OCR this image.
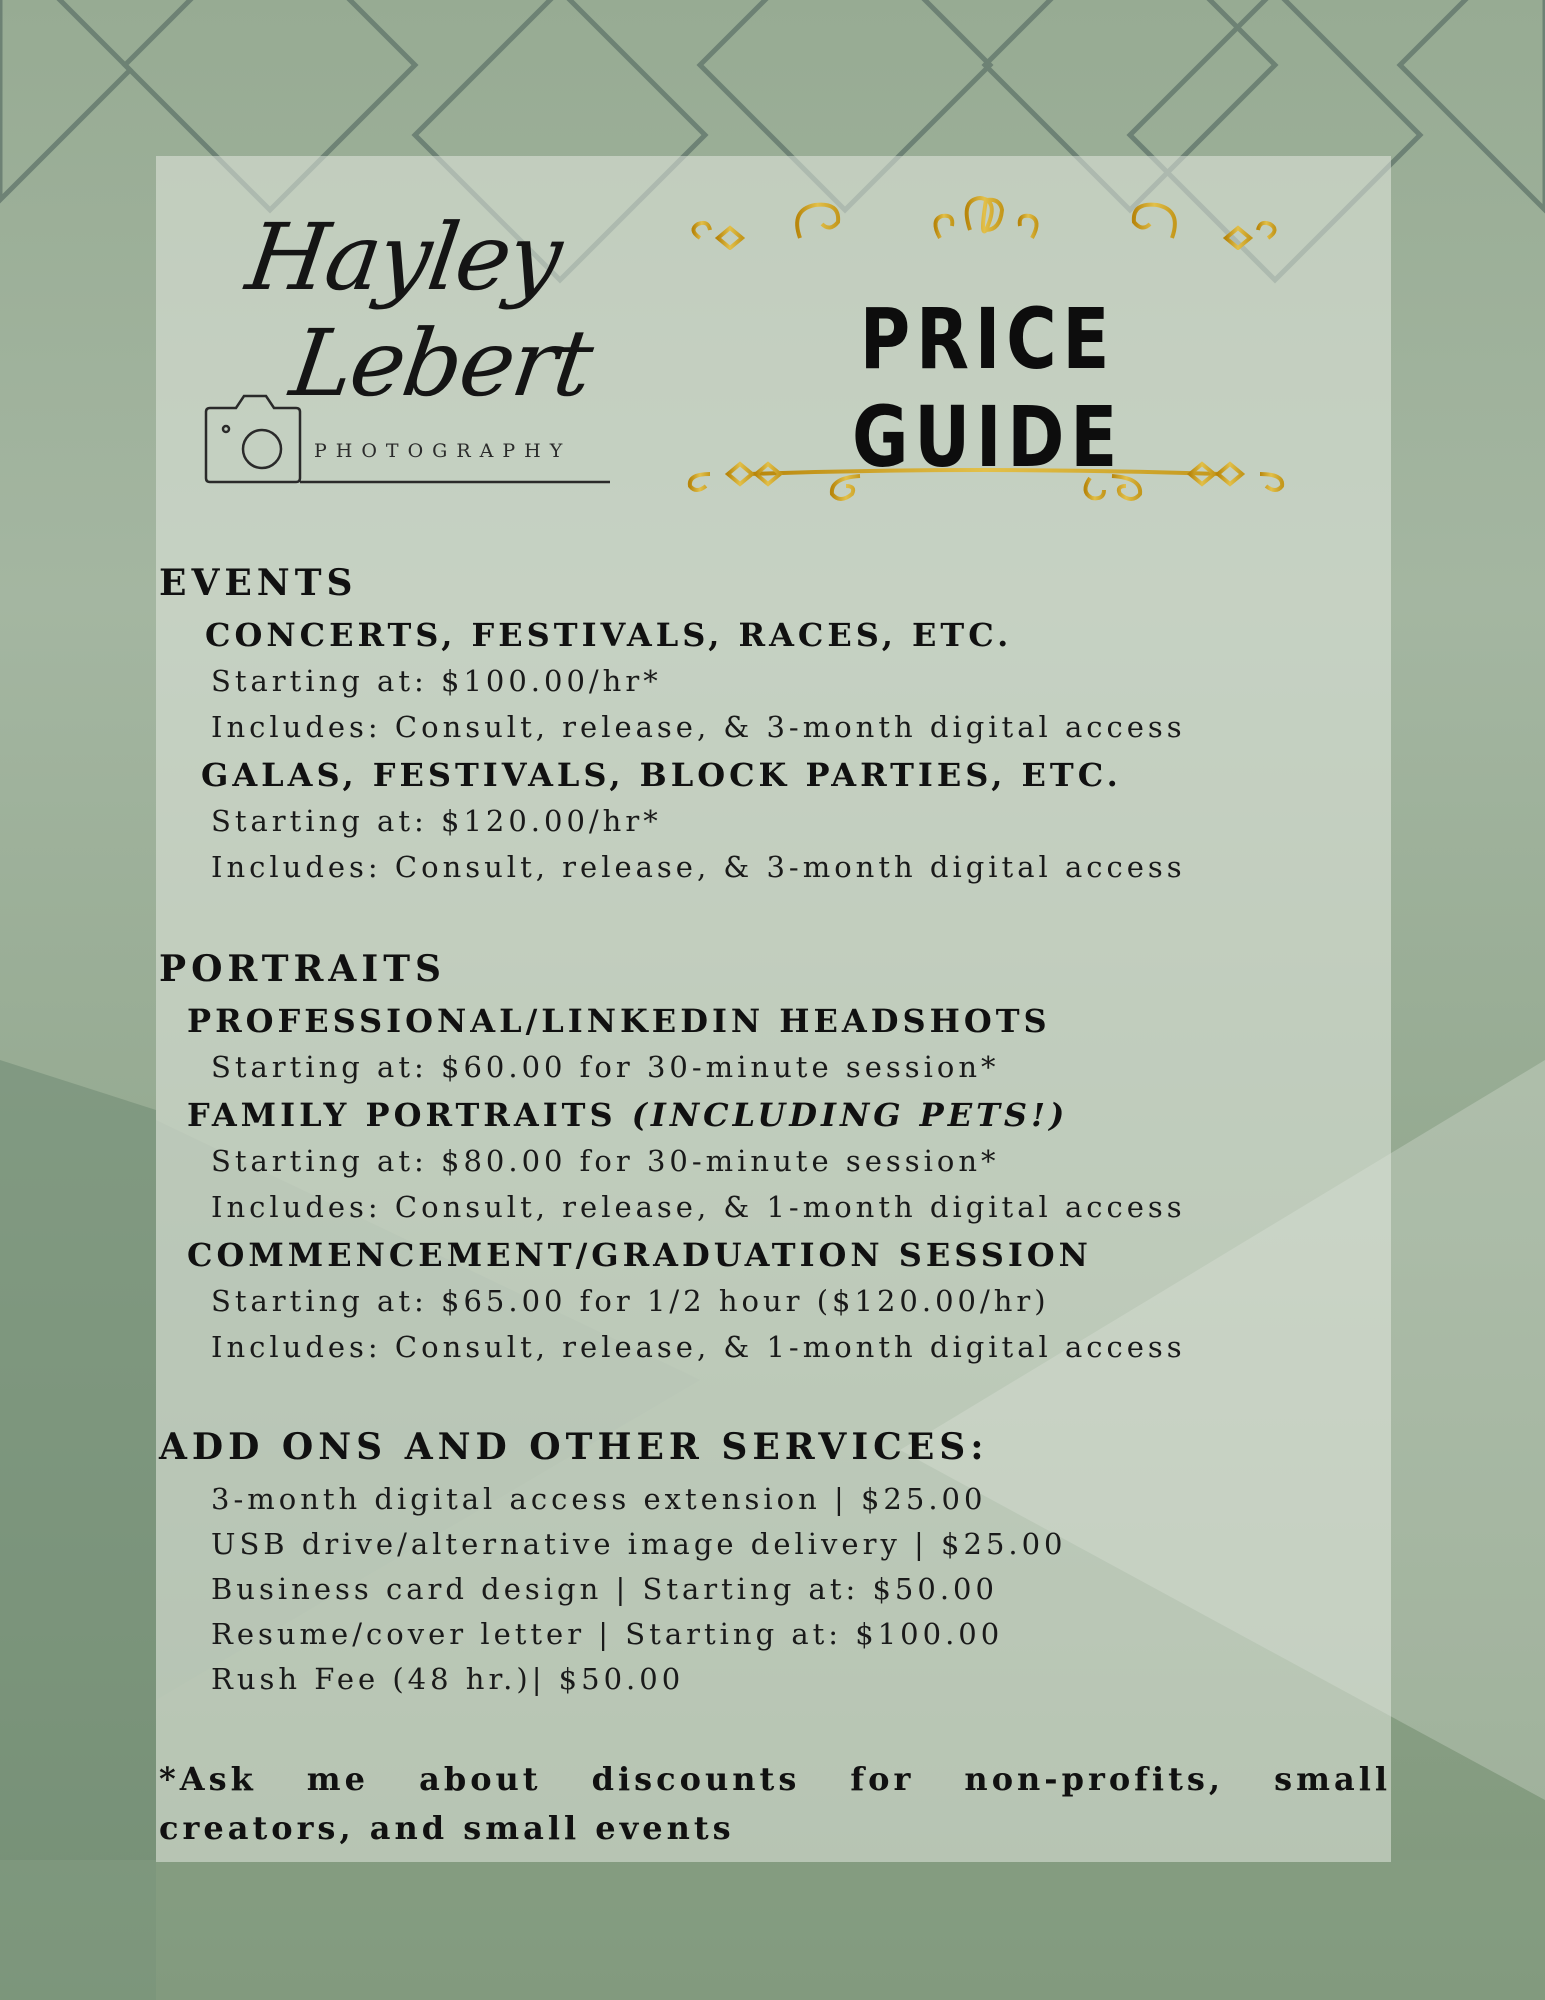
Hayley
Lebert
PHOTOGRAPHY
PRICE GUIDE
EVENTS
CONCERTS, FESTIVALS, RACES, ETC.
Starting at: $100.00/hr*
Includes: Consult, release, & 3-month digital access
GALAS, FESTIVALS, BLOCK PARTIES, ETC.
Starting at: $120.00/hr*
Includes: Consult, release, & 3-month digital access
PORTRAITS
PROFESSIONAL/LINKEDIN HEADSHOTS
Starting at: $60.00 for 30-minute session*
FAMILY PORTRAITS (INCLUDING PETS!)
Starting at: $80.00 for 30-minute session*
Includes: Consult, release, & 1-month digital access
COMMENCEMENT/GRADUATION SESSION
Starting at: $65.00 for 1/2 hour ($120.00/hr)
Includes: Consult, release, & 1-month digital access
ADD ONS AND OTHER SERVICES:
3-month digital access extension | $25.00
USB drive/alternative image delivery | $25.00
Business card design | Starting at: $50.00
Resume/cover letter | Starting at: $100.00
Rush Fee (48 hr.)| $50.00
*Ask me about discounts for non-profits, small creators, and small events
